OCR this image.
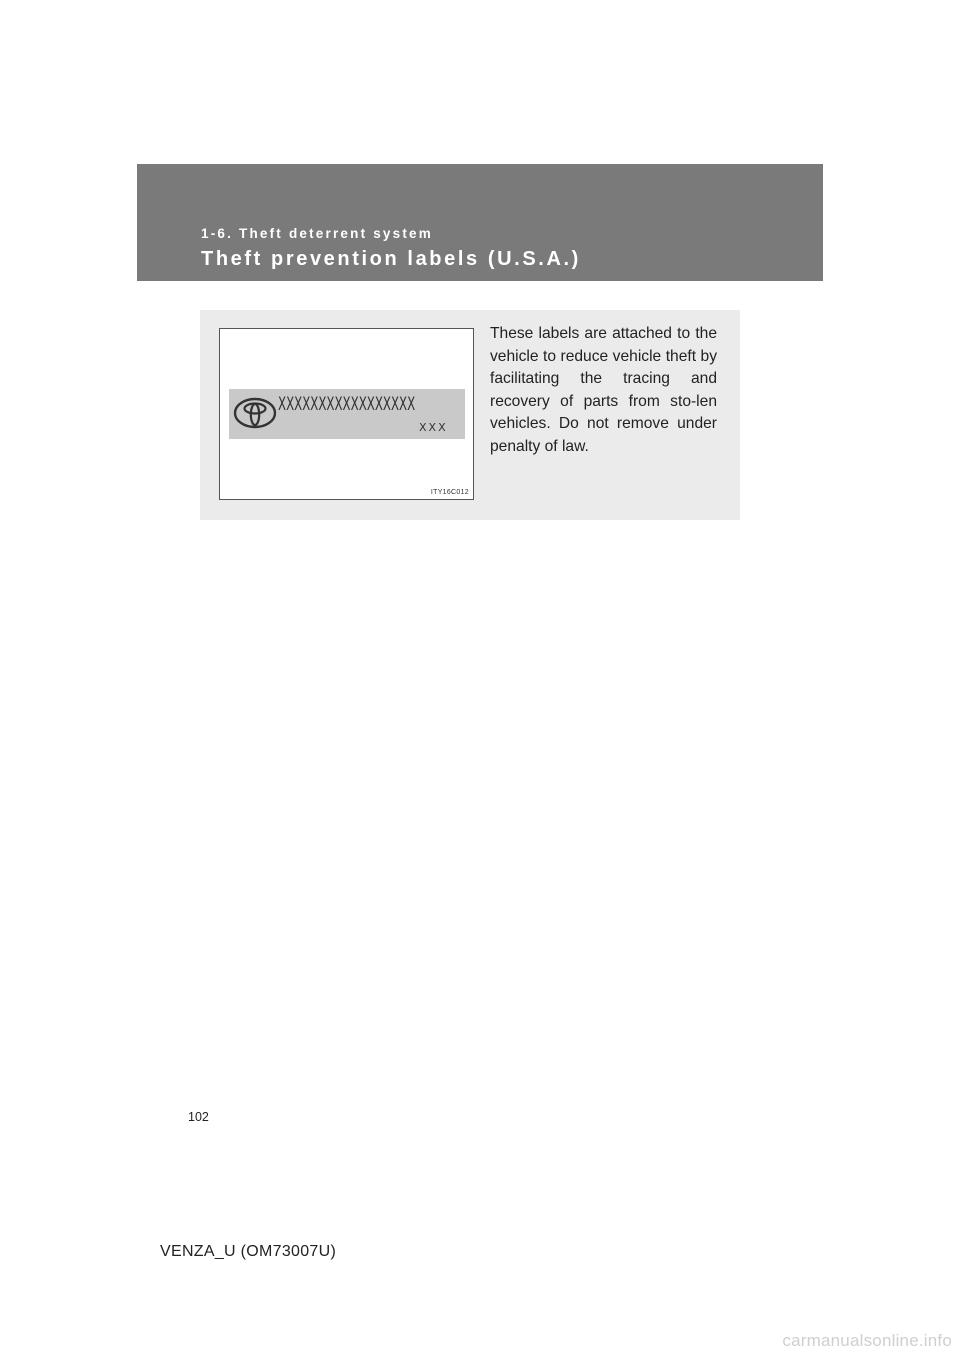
1-6. Theft deterrent system
Theft prevention labels (U.S.A.)
XXXXXXXXXXXXXXXXX
XXX
ITY16C012

These labels are attached to the vehicle to reduce vehicle theft by facilitating the tracing and recovery of parts from sto-len vehicles. Do not remove under penalty of law.

102
VENZA_U (OM73007U)
carmanualsonline.info
